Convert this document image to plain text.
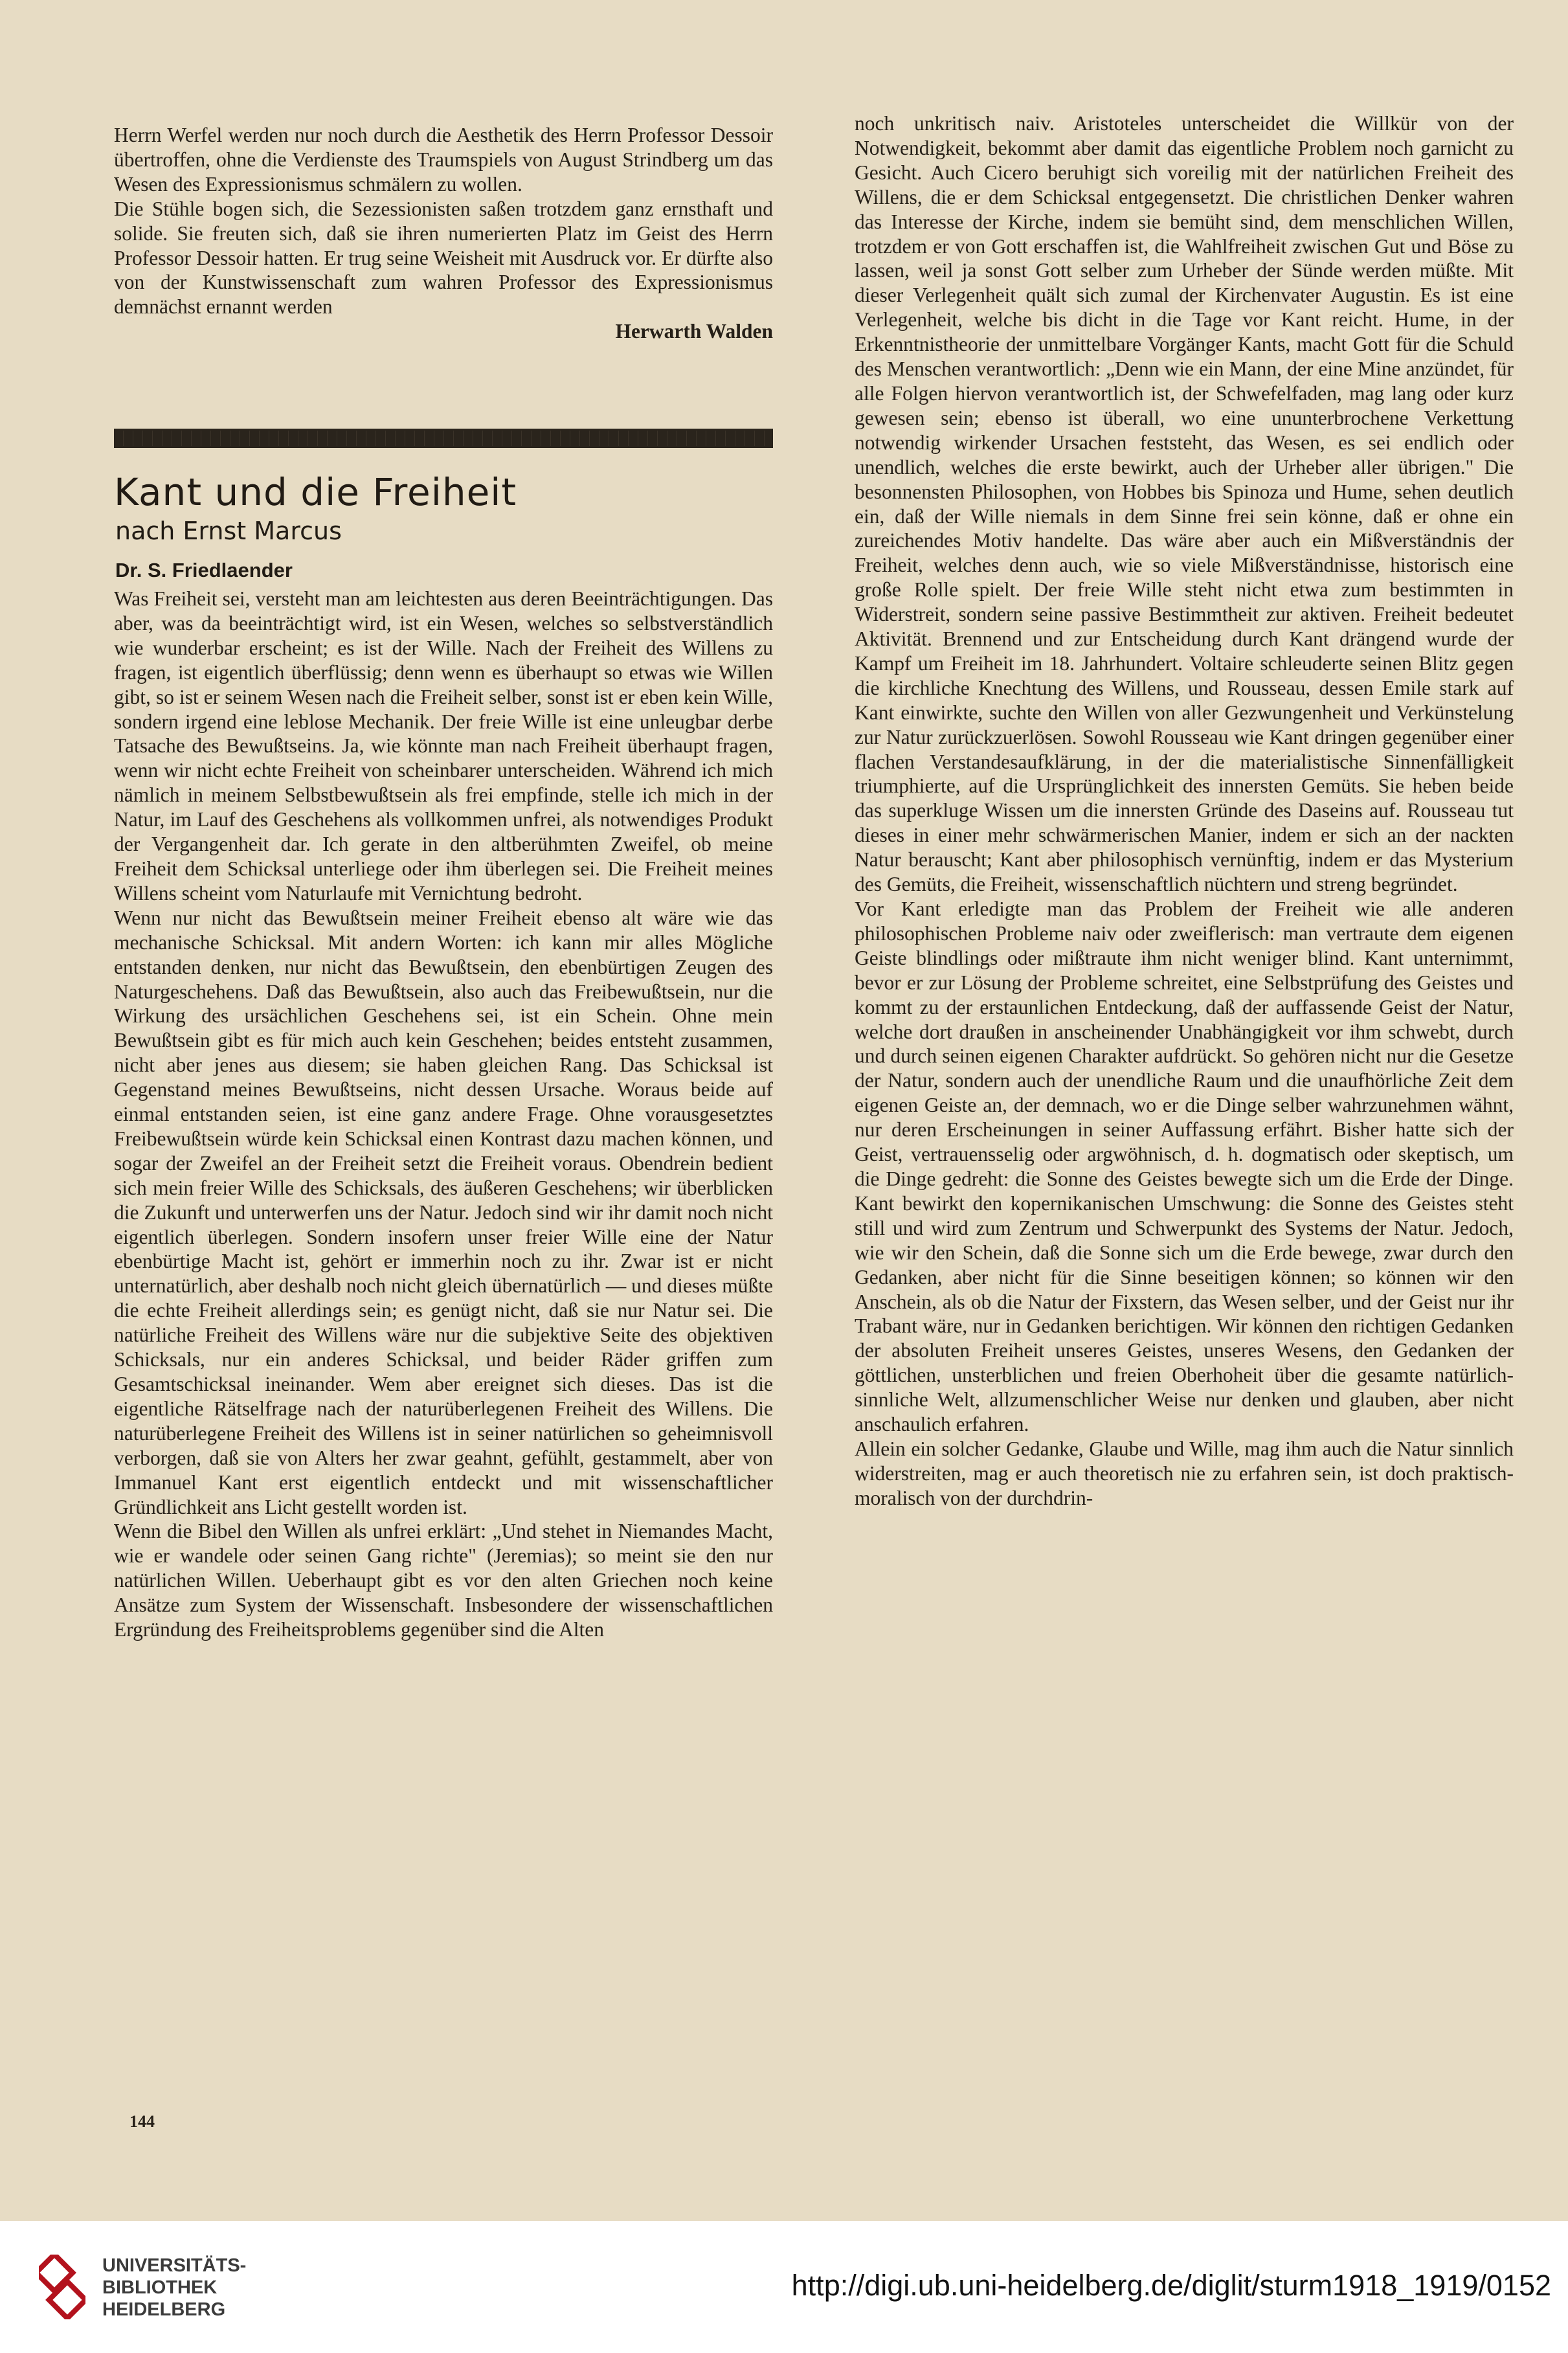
Herrn Werfel werden nur noch durch die Aesthetik des Herrn Professor Dessoir übertroffen, ohne die Verdienste des Traumspiels von August Strindberg um das Wesen des Expressionismus schmälern zu wollen.

Die Stühle bogen sich, die Sezessionisten saßen trotzdem ganz ernsthaft und solide. Sie freuten sich, daß sie ihren numerierten Platz im Geist des Herrn Professor Dessoir hatten. Er trug seine Weisheit mit Ausdruck vor. Er dürfte also von der Kunstwissenschaft zum wahren Professor des Expressionismus demnächst ernannt werden

Herwarth Walden
Kant und die Freiheit
nach Ernst Marcus
Dr. S. Friedlaender

Was Freiheit sei, versteht man am leichtesten aus deren Beeinträchtigungen. Das aber, was da beeinträchtigt wird, ist ein Wesen, welches so selbstverständlich wie wunderbar erscheint; es ist der Wille. Nach der Freiheit des Willens zu fragen, ist eigentlich überflüssig; denn wenn es überhaupt so etwas wie Willen gibt, so ist er seinem Wesen nach die Freiheit selber, sonst ist er eben kein Wille, sondern irgend eine leblose Mechanik. Der freie Wille ist eine unleugbar derbe Tatsache des Bewußtseins. Ja, wie könnte man nach Freiheit überhaupt fragen, wenn wir nicht echte Freiheit von scheinbarer unterscheiden. Während ich mich nämlich in meinem Selbstbewußtsein als frei empfinde, stelle ich mich in der Natur, im Lauf des Geschehens als vollkommen unfrei, als notwendiges Produkt der Vergangenheit dar. Ich gerate in den altberühmten Zweifel, ob meine Freiheit dem Schicksal unterliege oder ihm überlegen sei. Die Freiheit meines Willens scheint vom Naturlaufe mit Vernichtung bedroht.

Wenn nur nicht das Bewußtsein meiner Freiheit ebenso alt wäre wie das mechanische Schicksal. Mit andern Worten: ich kann mir alles Mögliche entstanden denken, nur nicht das Bewußtsein, den ebenbürtigen Zeugen des Naturgeschehens. Daß das Bewußtsein, also auch das Freibewußtsein, nur die Wirkung des ursächlichen Geschehens sei, ist ein Schein. Ohne mein Bewußtsein gibt es für mich auch kein Geschehen; beides entsteht zusammen, nicht aber jenes aus diesem; sie haben gleichen Rang. Das Schicksal ist Gegenstand meines Bewußtseins, nicht dessen Ursache. Woraus beide auf einmal entstanden seien, ist eine ganz andere Frage. Ohne vorausgesetztes Freibewußtsein würde kein Schicksal einen Kontrast dazu machen können, und sogar der Zweifel an der Freiheit setzt die Freiheit voraus. Obendrein bedient sich mein freier Wille des Schicksals, des äußeren Geschehens; wir überblicken die Zukunft und unterwerfen uns der Natur. Jedoch sind wir ihr damit noch nicht eigentlich überlegen. Sondern insofern unser freier Wille eine der Natur ebenbürtige Macht ist, gehört er immerhin noch zu ihr. Zwar ist er nicht unternatürlich, aber deshalb noch nicht gleich übernatürlich — und dieses müßte die echte Freiheit allerdings sein; es genügt nicht, daß sie nur Natur sei. Die natürliche Freiheit des Willens wäre nur die subjektive Seite des objektiven Schicksals, nur ein anderes Schicksal, und beider Räder griffen zum Gesamtschicksal ineinander. Wem aber ereignet sich dieses. Das ist die eigentliche Rätselfrage nach der naturüberlegenen Freiheit des Willens. Die naturüberlegene Freiheit des Willens ist in seiner natürlichen so geheimnisvoll verborgen, daß sie von Alters her zwar geahnt, gefühlt, gestammelt, aber von Immanuel Kant erst eigentlich entdeckt und mit wissenschaftlicher Gründlichkeit ans Licht gestellt worden ist.

Wenn die Bibel den Willen als unfrei erklärt: „Und stehet in Niemandes Macht, wie er wandele oder seinen Gang richte" (Jeremias); so meint sie den nur natürlichen Willen. Ueberhaupt gibt es vor den alten Griechen noch keine Ansätze zum System der Wissenschaft. Insbesondere der wissenschaftlichen Ergründung des Freiheitsproblems gegenüber sind die Alten

noch unkritisch naiv. Aristoteles unterscheidet die Willkür von der Notwendigkeit, bekommt aber damit das eigentliche Problem noch garnicht zu Gesicht. Auch Cicero beruhigt sich voreilig mit der natürlichen Freiheit des Willens, die er dem Schicksal entgegensetzt. Die christlichen Denker wahren das Interesse der Kirche, indem sie bemüht sind, dem menschlichen Willen, trotzdem er von Gott erschaffen ist, die Wahlfreiheit zwischen Gut und Böse zu lassen, weil ja sonst Gott selber zum Urheber der Sünde werden müßte. Mit dieser Verlegenheit quält sich zumal der Kirchenvater Augustin. Es ist eine Verlegenheit, welche bis dicht in die Tage vor Kant reicht. Hume, in der Erkenntnistheorie der unmittelbare Vorgänger Kants, macht Gott für die Schuld des Menschen verantwortlich: „Denn wie ein Mann, der eine Mine anzündet, für alle Folgen hiervon verantwortlich ist, der Schwefelfaden, mag lang oder kurz gewesen sein; ebenso ist überall, wo eine ununterbrochene Verkettung notwendig wirkender Ursachen feststeht, das Wesen, es sei endlich oder unendlich, welches die erste bewirkt, auch der Urheber aller übrigen." Die besonnensten Philosophen, von Hobbes bis Spinoza und Hume, sehen deutlich ein, daß der Wille niemals in dem Sinne frei sein könne, daß er ohne ein zureichendes Motiv handelte. Das wäre aber auch ein Mißverständnis der Freiheit, welches denn auch, wie so viele Mißverständnisse, historisch eine große Rolle spielt. Der freie Wille steht nicht etwa zum bestimmten in Widerstreit, sondern seine passive Bestimmtheit zur aktiven. Freiheit bedeutet Aktivität. Brennend und zur Entscheidung durch Kant drängend wurde der Kampf um Freiheit im 18. Jahrhundert. Voltaire schleuderte seinen Blitz gegen die kirchliche Knechtung des Willens, und Rousseau, dessen Emile stark auf Kant einwirkte, suchte den Willen von aller Gezwungenheit und Verkünstelung zur Natur zurückzuerlösen. Sowohl Rousseau wie Kant dringen gegenüber einer flachen Verstandesaufklärung, in der die materialistische Sinnenfälligkeit triumphierte, auf die Ursprünglichkeit des innersten Gemüts. Sie heben beide das superkluge Wissen um die innersten Gründe des Daseins auf. Rousseau tut dieses in einer mehr schwärmerischen Manier, indem er sich an der nackten Natur berauscht; Kant aber philosophisch vernünftig, indem er das Mysterium des Gemüts, die Freiheit, wissenschaftlich nüchtern und streng begründet.

Vor Kant erledigte man das Problem der Freiheit wie alle anderen philosophischen Probleme naiv oder zweiflerisch: man vertraute dem eigenen Geiste blindlings oder mißtraute ihm nicht weniger blind. Kant unternimmt, bevor er zur Lösung der Probleme schreitet, eine Selbstprüfung des Geistes und kommt zu der erstaunlichen Entdeckung, daß der auffassende Geist der Natur, welche dort draußen in anscheinender Unabhängigkeit vor ihm schwebt, durch und durch seinen eigenen Charakter aufdrückt. So gehören nicht nur die Gesetze der Natur, sondern auch der unendliche Raum und die unaufhörliche Zeit dem eigenen Geiste an, der demnach, wo er die Dinge selber wahrzunehmen wähnt, nur deren Erscheinungen in seiner Auffassung erfährt. Bisher hatte sich der Geist, vertrauensselig oder argwöhnisch, d. h. dogmatisch oder skeptisch, um die Dinge gedreht: die Sonne des Geistes bewegte sich um die Erde der Dinge. Kant bewirkt den kopernikanischen Umschwung: die Sonne des Geistes steht still und wird zum Zentrum und Schwerpunkt des Systems der Natur. Jedoch, wie wir den Schein, daß die Sonne sich um die Erde bewege, zwar durch den Gedanken, aber nicht für die Sinne beseitigen können; so können wir den Anschein, als ob die Natur der Fixstern, das Wesen selber, und der Geist nur ihr Trabant wäre, nur in Gedanken berichtigen. Wir können den richtigen Gedanken der absoluten Freiheit unseres Geistes, unseres Wesens, den Gedanken der göttlichen, unsterblichen und freien Oberhoheit über die gesamte natürlich-sinnliche Welt, allzumenschlicher Weise nur denken und glauben, aber nicht anschaulich erfahren.

Allein ein solcher Gedanke, Glaube und Wille, mag ihm auch die Natur sinnlich widerstreiten, mag er auch theoretisch nie zu erfahren sein, ist doch praktisch-moralisch von der durchdrin-

144
UNIVERSITÄTS-
BIBLIOTHEK
HEIDELBERG
http://digi.ub.uni-heidelberg.de/diglit/sturm1918_1919/0152
